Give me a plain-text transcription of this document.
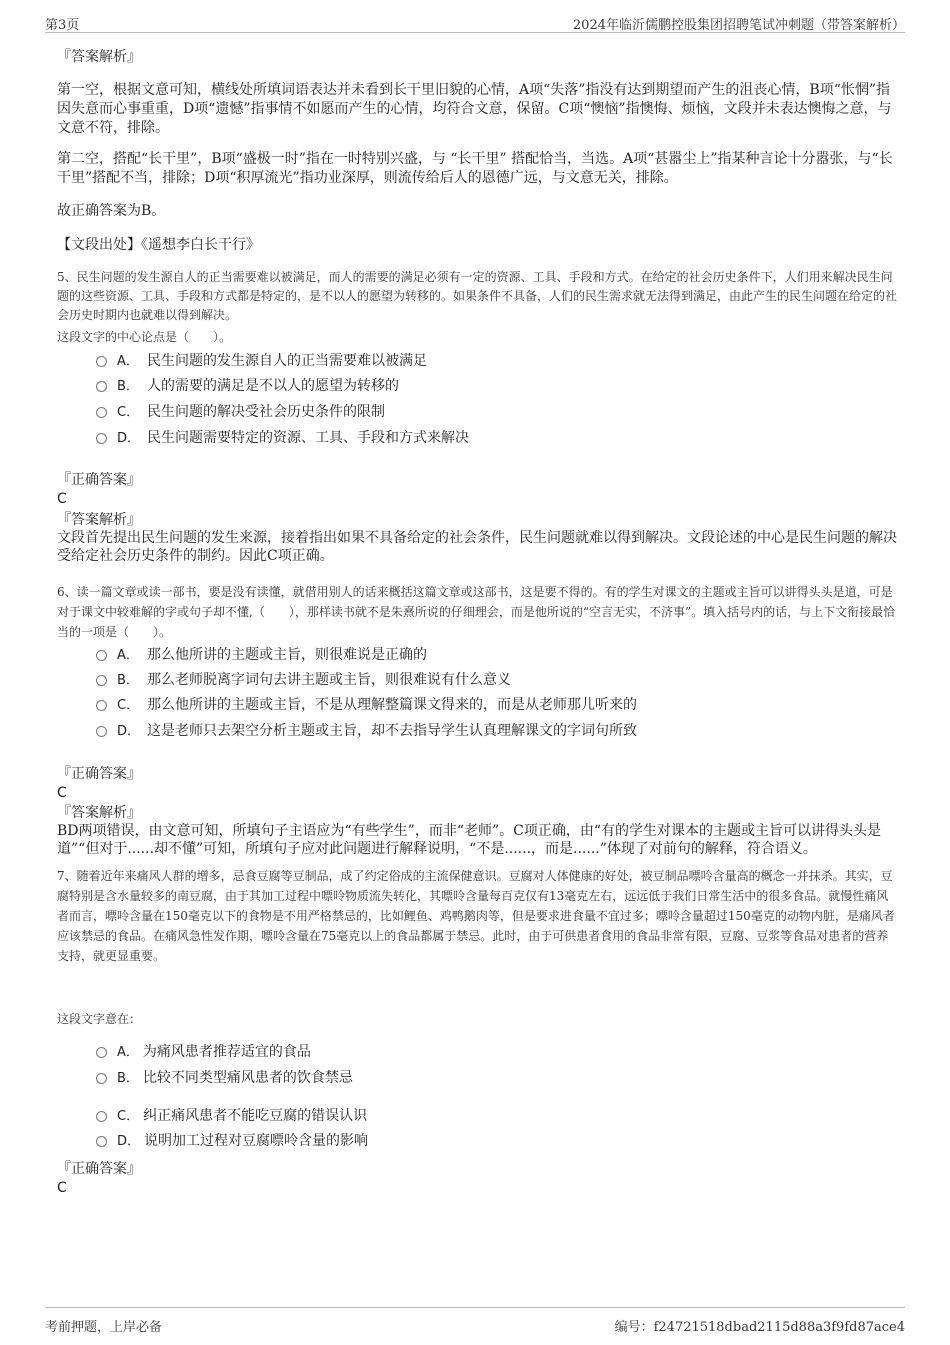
第3页	2024年临沂儒鹏控股集团招聘笔试冲刺题（带答案解析）
『答案解析』
第一空，根据文意可知，横线处所填词语表达并未看到长干里旧貌的心情，A项“失落”指没有达到期望而产生的沮丧心情，B项“怅惘”指因失意而心事重重，D项“遗憾”指事情不如愿而产生的心情，均符合文意，保留。C项“懊恼”指懊悔、烦恼，文段并未表达懊悔之意，与文意不符，排除。
第二空，搭配“长干里”，B项“盛极一时”指在一时特别兴盛，与 “长干里” 搭配恰当，当选。A项“甚嚣尘上”指某种言论十分嚣张，与“长干里”搭配不当，排除；D项“积厚流光”指功业深厚，则流传给后人的恩德广远，与文意无关，排除。
故正确答案为B。
【文段出处】《遥想李白长干行》
5、民生问题的发生源自人的正当需要难以被满足，而人的需要的满足必须有一定的资源、工具、手段和方式。在给定的社会历史条件下，人们用来解决民生问题的这些资源、工具、手段和方式都是特定的，是不以人的愿望为转移的。如果条件不具备，人们的民生需求就无法得到满足，由此产生的民生问题在给定的社会历史时期内也就难以得到解决。
这段文字的中心论点是（　　）。
A． 民生问题的发生源自人的正当需要难以被满足
B． 人的需要的满足是不以人的愿望为转移的
C． 民生问题的解决受社会历史条件的限制
D． 民生问题需要特定的资源、工具、手段和方式来解决
『正确答案』
C
『答案解析』
文段首先提出民生问题的发生来源，接着指出如果不具备给定的社会条件，民生问题就难以得到解决。文段论述的中心是民生问题的解决受给定社会历史条件的制约。因此C项正确。
6、读一篇文章或读一部书，要是没有读懂，就借用别人的话来概括这篇文章或这部书，这是要不得的。有的学生对课文的主题或主旨可以讲得头头是道，可是对于课文中较难解的字或句子却不懂,（　　），那样读书就不是朱熹所说的仔细理会，而是他所说的“空言无实，不济事”。填入括号内的话，与上下文衔接最恰当的一项是（　　）。
A． 那么他所讲的主题或主旨，则很难说是正确的
B． 那么老师脱离字词句去讲主题或主旨，则很难说有什么意义
C． 那么他所讲的主题或主旨，不是从理解整篇课文得来的，而是从老师那儿听来的
D． 这是老师只去架空分析主题或主旨，却不去指导学生认真理解课文的字词句所致
『正确答案』
C
『答案解析』
BD两项错误，由文意可知，所填句子主语应为“有些学生”，而非“老师”。C项正确，由“有的学生对课本的主题或主旨可以讲得头头是道”“但对于......却不懂”可知，所填句子应对此问题进行解释说明，“不是......，而是......”体现了对前句的解释，符合语义。
7、随着近年来痛风人群的增多，忌食豆腐等豆制品，成了约定俗成的主流保健意识。豆腐对人体健康的好处，被豆制品嘌呤含量高的概念一并抹杀。其实，豆腐特别是含水量较多的南豆腐，由于其加工过程中嘌呤物质流失转化，其嘌呤含量每百克仅有13毫克左右，远远低于我们日常生活中的很多食品。就慢性痛风者而言，嘌呤含量在150毫克以下的食物是不用严格禁忌的，比如鲤鱼、鸡鸭鹅肉等，但是要求进食量不宜过多；嘌呤含量超过150毫克的动物内脏，是痛风者应该禁忌的食品。在痛风急性发作期，嘌呤含量在75毫克以上的食品都属于禁忌。此时，由于可供患者食用的食品非常有限，豆腐、豆浆等食品对患者的营养支持，就更显重要。
这段文字意在：
A． 为痛风患者推荐适宜的食品
B． 比较不同类型痛风患者的饮食禁忌
C． 纠正痛风患者不能吃豆腐的错误认识
D． 说明加工过程对豆腐嘌呤含量的影响
『正确答案』
C
考前押题，上岸必备	编号：f24721518dbad2115d88a3f9fd87ace4
